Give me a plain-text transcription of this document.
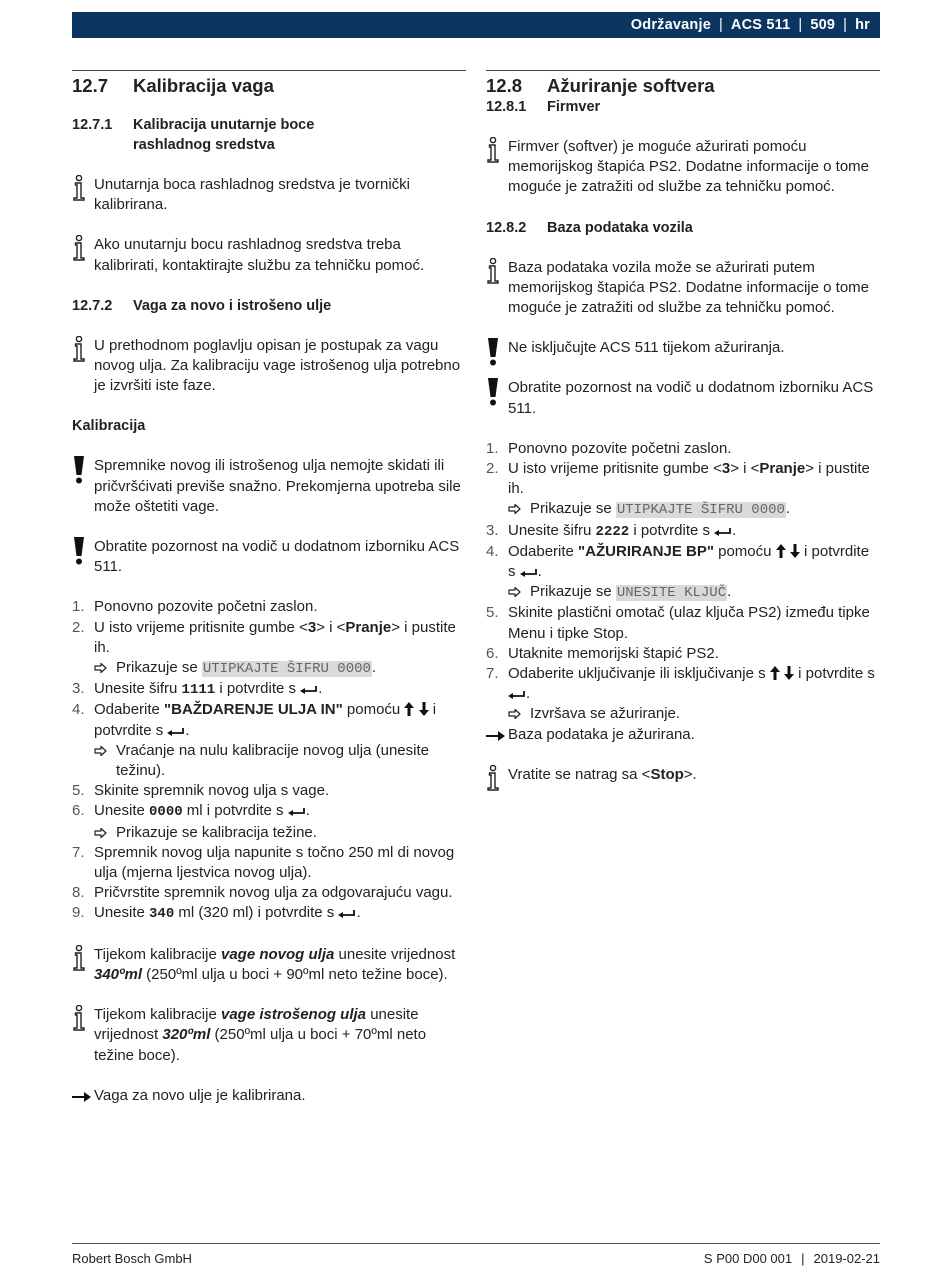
Održavanje | ACS 511 | 509 | hr
12.7	Kalibracija vaga
12.7.1	Kalibracija unutarnje boce
rashladnog sredstva
Unutarnja boca rashladnog sredstva je tvornički kalibrirana.
Ako unutarnju bocu rashladnog sredstva treba kalibrirati, kontaktirajte službu za tehničku pomoć.
12.7.2	Vaga za novo i istrošeno ulje
U prethodnom poglavlju opisan je postupak za vagu novog ulja. Za kalibraciju vage istrošenog ulja potrebno je izvršiti iste faze.
Kalibracija
Spremnike novog ili istrošenog ulja nemojte skidati ili pričvršćivati previše snažno. Prekomjerna upotreba sile može oštetiti vage.
Obratite pozornost na vodič u dodatnom izborniku ACS 511.
1. Ponovno pozovite početni zaslon.
2. U isto vrijeme pritisnite gumbe <3> i <Pranje> i pustite ih.
Prikazuje se UTIPKAJTE ŠIFRU 0000.
3. Unesite šifru 1111 i potvrdite s .
4. Odaberite "BAŽDARENJE ULJA IN" pomoću i potvrdite s .
Vraćanje na nulu kalibracije novog ulja (unesite težinu).
5. Skinite spremnik novog ulja s vage.
6. Unesite 0000 ml i potvrdite s .
Prikazuje se kalibracija težine.
7. Spremnik novog ulja napunite s točno 250 ml di novog ulja (mjerna ljestvica novog ulja).
8. Pričvrstite spremnik novog ulja za odgovarajuću vagu.
9. Unesite 340 ml (320 ml) i potvrdite s .
Tijekom kalibracije vage novog ulja unesite vrijednost 340ºml (250ºml ulja u boci + 90ºml neto težine boce).
Tijekom kalibracije vage istrošenog ulja unesite vrijednost 320ºml (250ºml ulja u boci + 70ºml neto težine boce).
Vaga za novo ulje je kalibrirana.
12.8	Ažuriranje softvera
12.8.1	Firmver
Firmver (softver) je moguće ažurirati pomoću memorijskog štapića PS2. Dodatne informacije o tome moguće je zatražiti od službe za tehničku pomoć.
12.8.2	Baza podataka vozila
Baza podataka vozila može se ažurirati putem memorijskog štapića PS2. Dodatne informacije o tome moguće je zatražiti od službe za tehničku pomoć.
Ne isključujte ACS 511 tijekom ažuriranja.
Obratite pozornost na vodič u dodatnom izborniku ACS 511.
1. Ponovno pozovite početni zaslon.
2. U isto vrijeme pritisnite gumbe <3> i <Pranje> i pustite ih.
Prikazuje se UTIPKAJTE ŠIFRU 0000.
3. Unesite šifru 2222 i potvrdite s .
4. Odaberite "AŽURIRANJE BP" pomoću i potvrdite s .
Prikazuje se UNESITE KLJUČ.
5. Skinite plastični omotač (ulaz ključa PS2) između tipke Menu i tipke Stop.
6. Utaknite memorijski štapić PS2.
7. Odaberite uključivanje ili isključivanje s i potvrdite s .
Izvršava se ažuriranje.
Baza podataka je ažurirana.
Vratite se natrag sa <Stop>.
Robert Bosch GmbH	S P00 D00 001 | 2019-02-21
